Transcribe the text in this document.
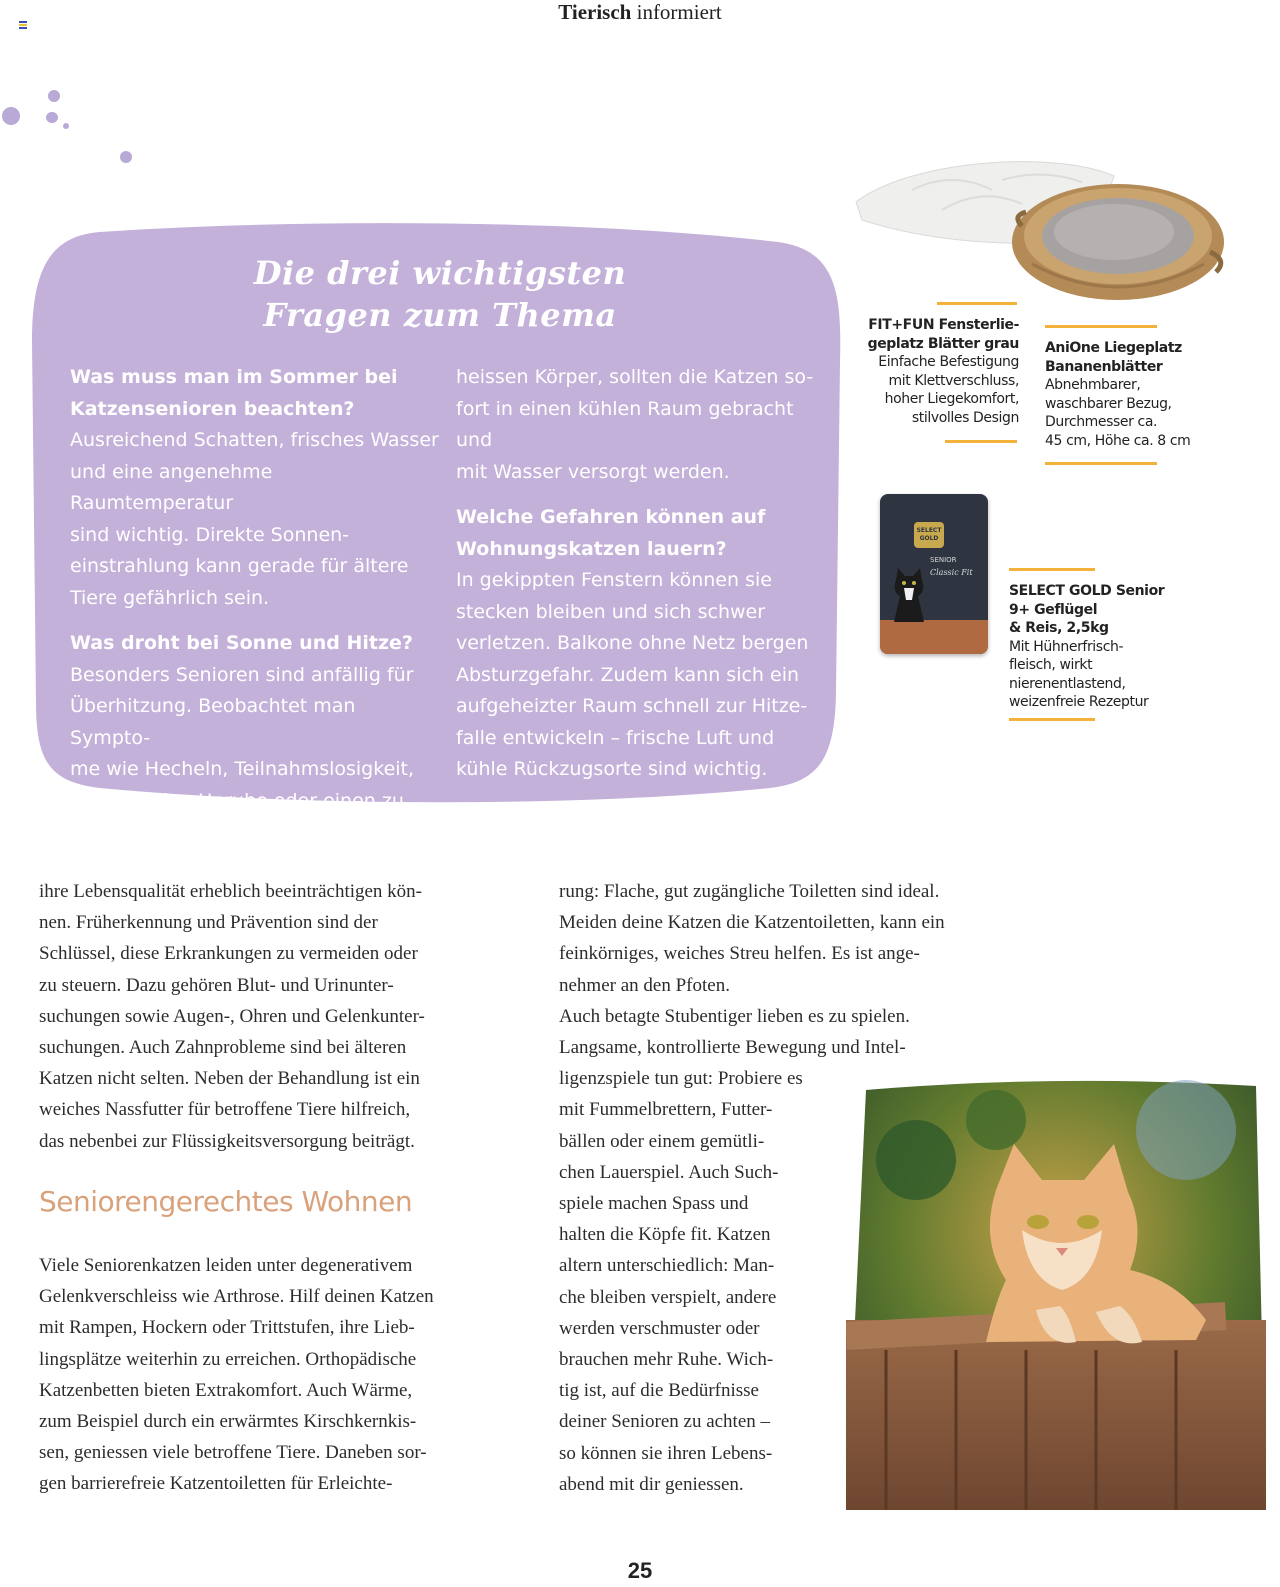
Tierisch informiert
Die drei wichtigsten
Fragen zum Thema
Was muss man im Sommer bei
Katzensenioren beachten?
Ausreichend Schatten, frisches Wasser
und eine angenehme Raumtemperatur
sind wichtig. Direkte Sonnen-
einstrahlung kann gerade für ältere
Tiere gefährlich sein.
Was droht bei Sonne und Hitze?
Besonders Senioren sind anfällig für
Überhitzung. Beobachtet man Sympto-
me wie Hecheln, Teilnahmslosigkeit,
übermässige Unruhe oder einen zu
heissen Körper, sollten die Katzen so-
fort in einen kühlen Raum gebracht und
mit Wasser versorgt werden.
Welche Gefahren können auf
Wohnungskatzen lauern?
In gekippten Fenstern können sie
stecken bleiben und sich schwer
verletzen. Balkone ohne Netz bergen
Absturzgefahr. Zudem kann sich ein
aufgeheizter Raum schnell zur Hitze-
falle entwickeln – frische Luft und
kühle Rückzugsorte sind wichtig.
FIT+FUN Fensterlie-
geplatz Blätter grau
Einfache Befestigung
mit Klettverschluss,
hoher Liegekomfort,
stilvolles Design
AniOne Liegeplatz
Bananenblätter
Abnehmbarer,
waschbarer Bezug,
Durchmesser ca.
45 cm, Höhe ca. 8 cm
SELECT
GOLD
SENIOR
Classic Fit
SELECT GOLD Senior
9+ Geflügel
& Reis, 2,5kg
Mit Hühnerfrisch-
fleisch, wirkt
nierenentlastend,
weizenfreie Rezeptur

ihre Lebensqualität erheblich beeinträchtigen kön-

nen. Früherkennung und Prävention sind der

Schlüssel, diese Erkrankungen zu vermeiden oder

zu steuern. Dazu gehören Blut- und Urinunter-

suchungen sowie Augen-, Ohren und Gelenkunter-

suchungen. Auch Zahnprobleme sind bei älteren

Katzen nicht selten. Neben der Behandlung ist ein

weiches Nassfutter für betroffene Tiere hilfreich,

das nebenbei zur Flüssigkeitsversorgung beiträgt.

Seniorengerechtes Wohnen

Viele Seniorenkatzen leiden unter degenerativem

Gelenkverschleiss wie Arthrose. Hilf deinen Katzen

mit Rampen, Hockern oder Trittstufen, ihre Lieb-

lingsplätze weiterhin zu erreichen. Orthopädische

Katzenbetten bieten Extrakomfort. Auch Wärme,

zum Beispiel durch ein erwärmtes Kirschkernkis-

sen, geniessen viele betroffene Tiere. Daneben sor-

gen barrierefreie Katzentoiletten für Erleichte-

rung: Flache, gut zugängliche Toiletten sind ideal.

Meiden deine Katzen die Katzentoiletten, kann ein

feinkörniges, weiches Streu helfen. Es ist ange-

nehmer an den Pfoten.

Auch betagte Stubentiger lieben es zu spielen.

Langsame, kontrollierte Bewegung und Intel-

ligenzspiele tun gut: Probiere es

mit Fummelbrettern, Futter-

bällen oder einem gemütli-

chen Lauerspiel. Auch Such-

spiele machen Spass und

halten die Köpfe fit. Katzen

altern unterschiedlich: Man-

che bleiben verspielt, andere

werden verschmuster oder

brauchen mehr Ruhe. Wich-

tig ist, auf die Bedürfnisse

deiner Senioren zu achten –

so können sie ihren Lebens-

abend mit dir geniessen.

25
